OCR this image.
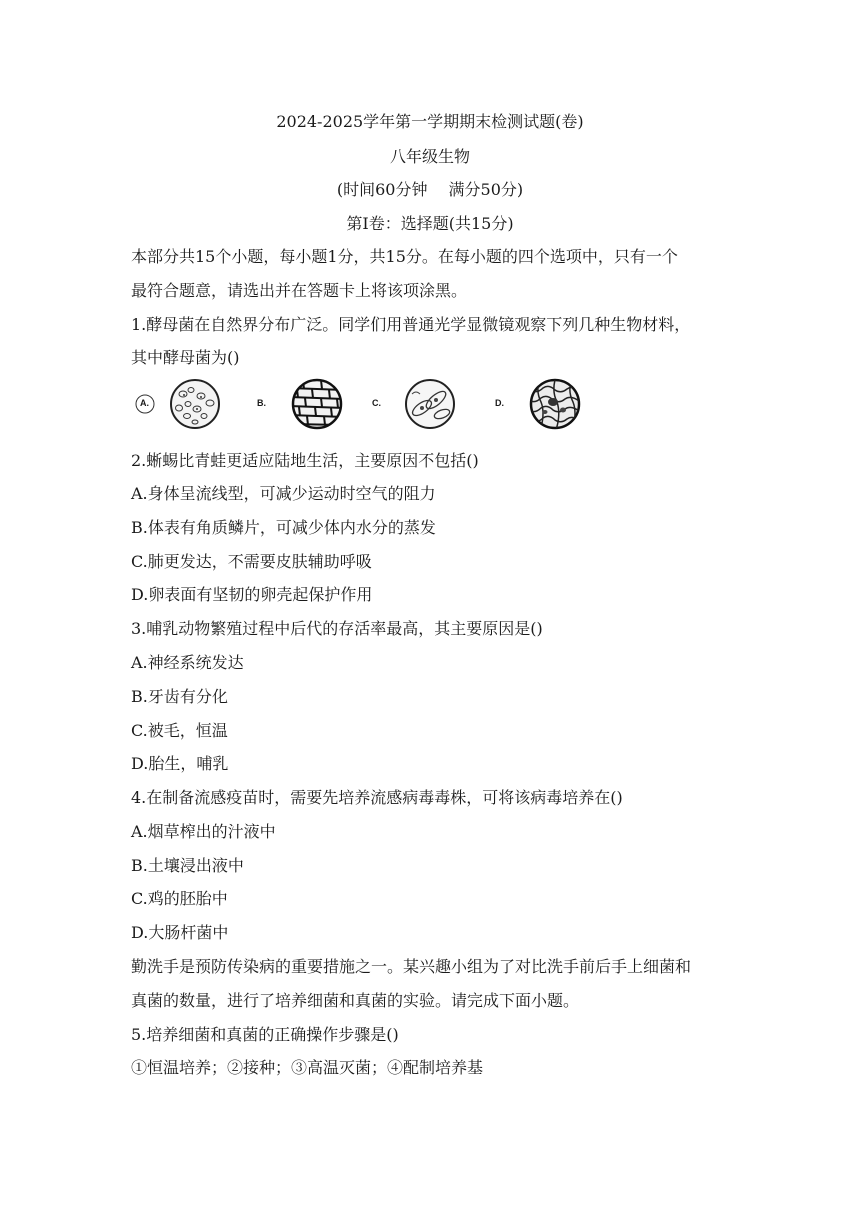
2024-2025学年第一学期期末检测试题(卷)
八年级生物
(时间60分钟　 满分50分)
第Ⅰ卷：选择题(共15分)
本部分共15个小题，每小题1分，共15分。在每小题的四个选项中，只有一个
最符合题意，请选出并在答题卡上将该项涂黑。
1.酵母菌在自然界分布广泛。同学们用普通光学显微镜观察下列几种生物材料，
其中酵母菌为()
A.	B.	C.	D.
2.蜥蜴比青蛙更适应陆地生活，主要原因不包括()
A.身体呈流线型，可减少运动时空气的阻力
B.体表有角质鳞片，可减少体内水分的蒸发
C.肺更发达，不需要皮肤辅助呼吸
D.卵表面有坚韧的卵壳起保护作用
3.哺乳动物繁殖过程中后代的存活率最高，其主要原因是()
A.神经系统发达
B.牙齿有分化
C.被毛，恒温
D.胎生，哺乳
4.在制备流感疫苗时，需要先培养流感病毒毒株，可将该病毒培养在()
A.烟草榨出的汁液中
B.土壤浸出液中
C.鸡的胚胎中
D.大肠杆菌中
勤洗手是预防传染病的重要措施之一。某兴趣小组为了对比洗手前后手上细菌和
真菌的数量，进行了培养细菌和真菌的实验。请完成下面小题。
5.培养细菌和真菌的正确操作步骤是()
①恒温培养；②接种；③高温灭菌；④配制培养基
